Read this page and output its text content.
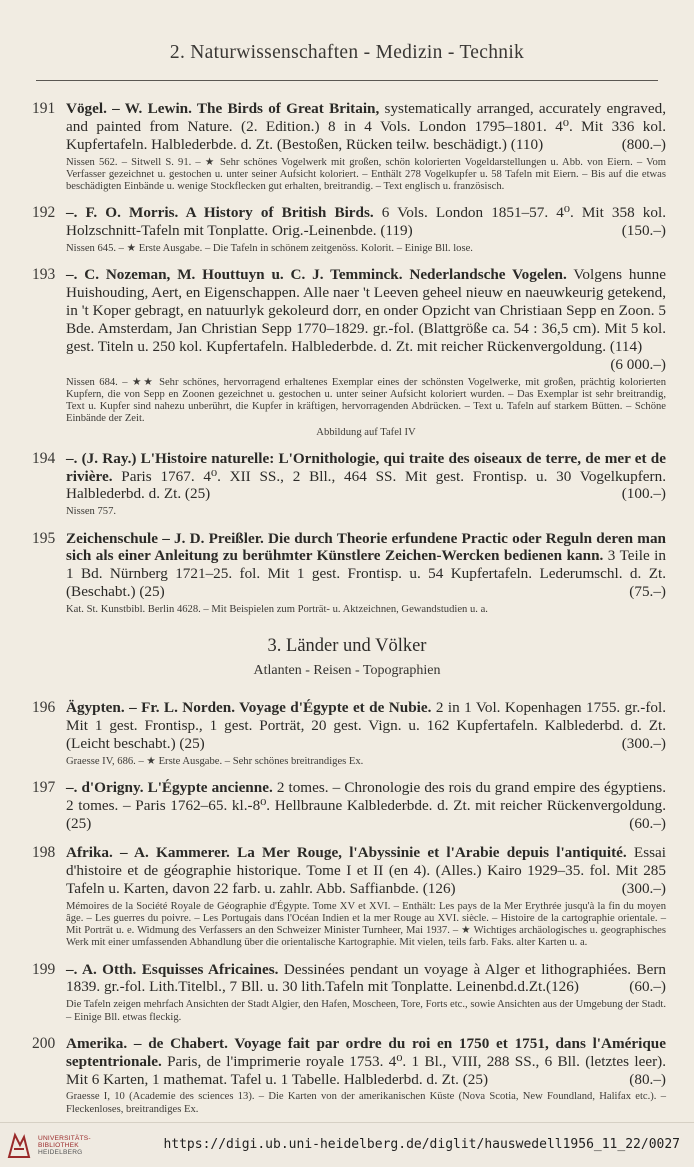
2. Naturwissenschaften - Medizin - Technik
191 Vögel. – W. Lewin. The Birds of Great Britain, systematically arranged, accurately engraved, and painted from Nature. (2. Edition.) 8 in 4 Vols. London 1795–1801. 4⁰. Mit 336 kol. Kupfertafeln. Halblederbde. d. Zt. (Bestoßen, Rücken teilw. beschädigt.) (110)	(800.–)
Nissen 562. – Sitwell S. 91. – ★ Sehr schönes Vogelwerk mit großen, schön kolorierten Vogeldarstellungen u. Abb. von Eiern. – Vom Verfasser gezeichnet u. gestochen u. unter seiner Aufsicht koloriert. – Enthält 278 Vogelkupfer u. 58 Tafeln mit Eiern. – Bis auf die etwas beschädigten Einbände u. wenige Stockflecken gut erhalten, breitrandig. – Text englisch u. französisch.
192 –. F. O. Morris. A History of British Birds. 6 Vols. London 1851–57. 4⁰. Mit 358 kol. Holzschnitt-Tafeln mit Tonplatte. Orig.-Leinenbde. (119)	(150.–)
Nissen 645. – ★ Erste Ausgabe. – Die Tafeln in schönem zeitgenöss. Kolorit. – Einige Bll. lose.
193 –. C. Nozeman, M. Houttuyn u. C. J. Temminck. Nederlandsche Vogelen. Volgens hunne Huishouding, Aert, en Eigenschappen. Alle naer 't Leeven geheel nieuw en naeuwkeurig getekend, in 't Koper gebragt, en natuurlyk gekoleurd dorr, en onder Opzicht van Christiaan Sepp en Zoon. 5 Bde. Amsterdam, Jan Christian Sepp 1770–1829. gr.-fol. (Blattgröße ca. 54 : 36,5 cm). Mit 5 kol. gest. Titeln u. 250 kol. Kupfertafeln. Halblederbde. d. Zt. mit reicher Rückenvergoldung. (114)
(6 000.–)
Nissen 684. – ★★ Sehr schönes, hervorragend erhaltenes Exemplar eines der schönsten Vogelwerke, mit großen, prächtig kolorierten Kupfern, die von Sepp en Zoonen gezeichnet u. gestochen u. unter seiner Aufsicht koloriert wurden. – Das Exemplar ist sehr breitrandig, Text u. Kupfer sind nahezu unberührt, die Kupfer in kräftigen, hervorragenden Abdrücken. – Text u. Tafeln auf starkem Bütten. – Schöne Einbände der Zeit.
Abbildung auf Tafel IV
194 –. (J. Ray.) L'Histoire naturelle: L'Ornithologie, qui traite des oiseaux de terre, de mer et de rivière. Paris 1767. 4⁰. XII SS., 2 Bll., 464 SS. Mit gest. Frontisp. u. 30 Vogelkupfern. Halblederbd. d. Zt. (25)	(100.–)
Nissen 757.
195 Zeichenschule – J. D. Preißler. Die durch Theorie erfundene Practic oder Reguln deren man sich als einer Anleitung zu berühmter Künstlere Zeichen-Wercken bedienen kann. 3 Teile in 1 Bd. Nürnberg 1721–25. fol. Mit 1 gest. Frontisp. u. 54 Kupfertafeln. Lederumschl. d. Zt. (Beschabt.) (25)	(75.–)
Kat. St. Kunstbibl. Berlin 4628. – Mit Beispielen zum Porträt- u. Aktzeichnen, Gewandstudien u. a.
3. Länder und Völker
Atlanten - Reisen - Topographien
196 Ägypten. – Fr. L. Norden. Voyage d'Égypte et de Nubie. 2 in 1 Vol. Kopenhagen 1755. gr.-fol. Mit 1 gest. Frontisp., 1 gest. Porträt, 20 gest. Vign. u. 162 Kupfertafeln. Kalblederbd. d. Zt. (Leicht beschabt.) (25)	(300.–)
Graesse IV, 686. – ★ Erste Ausgabe. – Sehr schönes breitrandiges Ex.
197 –. d'Origny. L'Égypte ancienne. 2 tomes. – Chronologie des rois du grand empire des égyptiens. 2 tomes. – Paris 1762–65. kl.-8⁰. Hellbraune Kalblederbde. d. Zt. mit reicher Rückenvergoldung. (25)	(60.–)
198 Afrika. – A. Kammerer. La Mer Rouge, l'Abyssinie et l'Arabie depuis l'antiquité. Essai d'histoire et de géographie historique. Tome I et II (en 4). (Alles.) Kairo 1929–35. fol. Mit 285 Tafeln u. Karten, davon 22 farb. u. zahlr. Abb. Saffianbde. (126)	(300.–)
Mémoires de la Société Royale de Géographie d'Égypte. Tome XV et XVI. – Enthält: Les pays de la Mer Erythrée jusqu'à la fin du moyen âge. – Les guerres du poivre. – Les Portugais dans l'Océan Indien et la mer Rouge au XVI. siècle. – Histoire de la cartographie orientale. – Mit Porträt u. e. Widmung des Verfassers an den Schweizer Minister Turnheer, Mai 1937. – ★ Wichtiges archäologisches u. geographisches Werk mit einer umfassenden Abhandlung über die orientalische Kartographie. Mit vielen, teils farb. Faks. alter Karten u. a.
199 –. A. Otth. Esquisses Africaines. Dessinées pendant un voyage à Alger et lithographiées. Bern 1839. gr.-fol. Lith.Titelbl., 7 Bll. u. 30 lith.Tafeln mit Tonplatte. Leinenbd.d.Zt.(126)	(60.–)
Die Tafeln zeigen mehrfach Ansichten der Stadt Algier, den Hafen, Moscheen, Tore, Forts etc., sowie Ansichten aus der Umgebung der Stadt. – Einige Bll. etwas fleckig.
200 Amerika. – de Chabert. Voyage fait par ordre du roi en 1750 et 1751, dans l'Amérique septentrionale. Paris, de l'imprimerie royale 1753. 4⁰. 1 Bl., VIII, 288 SS., 6 Bll. (letztes leer). Mit 6 Karten, 1 mathemat. Tafel u. 1 Tabelle. Halblederbd. d. Zt. (25)	(80.–)
Graesse I, 10 (Academie des sciences 13). – Die Karten von der amerikanischen Küste (Nova Scotia, New Foundland, Halifax etc.). – Fleckenloses, breitrandiges Ex.
UNIVERSITÄTS-
BIBLIOTHEK
HEIDELBERG
https://digi.ub.uni-heidelberg.de/diglit/hauswedell1956_11_22/0027
